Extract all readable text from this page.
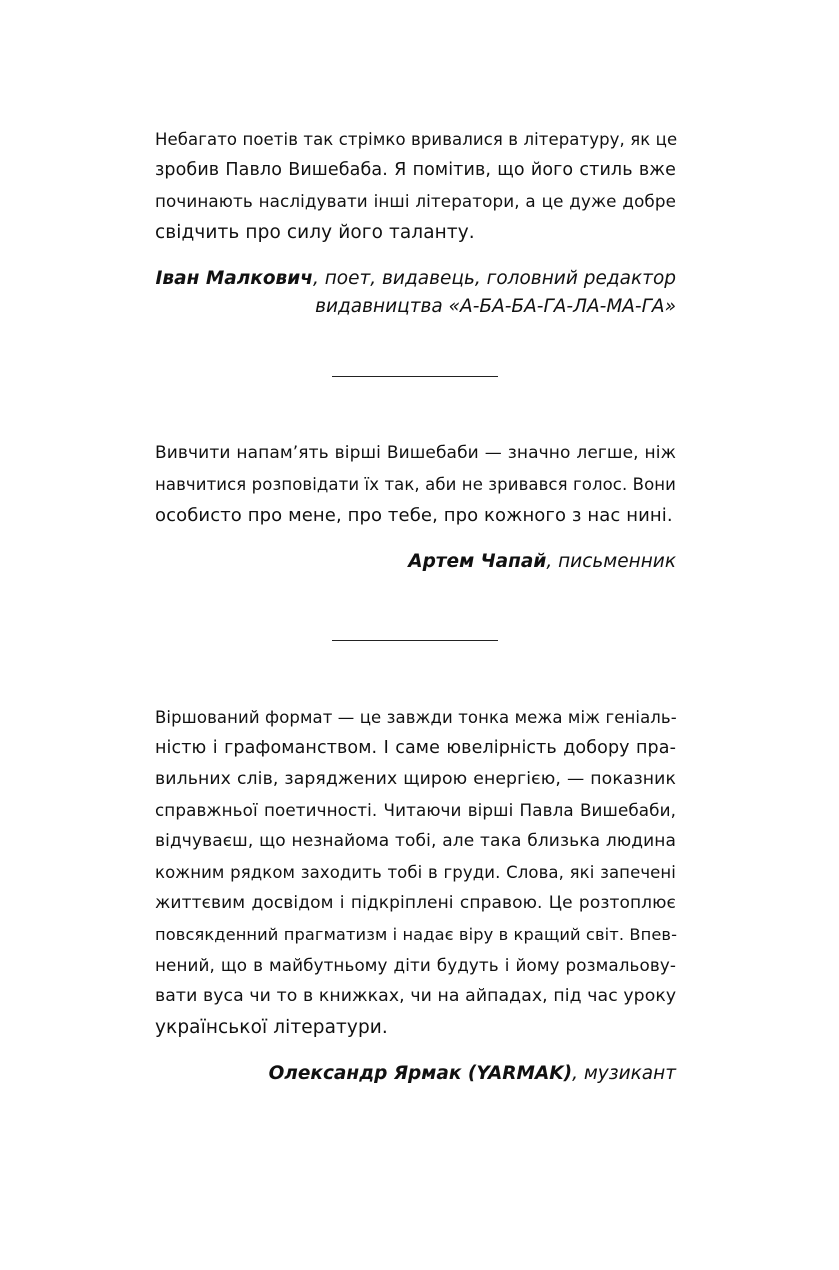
Небагато поетів так стрімко вривалися в літературу, як це
зробив Павло Вишебаба. Я помітив, що його стиль вже
починають наслідувати інші літератори, а це дуже добре
свідчить про силу його таланту.

Іван Малкович, поет, видавець, головний редактор
видавництва «А-БА-БА-ГА-ЛА-МА-ГА»

Вивчити напам’ять вірші Вишебаби — значно легше, ніж
навчитися розповідати їх так, аби не зривався голос. Вони
особисто про мене, про тебе, про кожного з нас нині.

Артем Чапай, письменник

Віршований формат — це завжди тонка межа між геніаль-
ністю і графоманством. І саме ювелірність добору пра-
вильних слів, заряджених щирою енергією, — показник
справжньої поетичності. Читаючи вірші Павла Вишебаби,
відчуваєш, що незнайома тобі, але така близька людина
кожним рядком заходить тобі в груди. Слова, які запечені
життєвим досвідом і підкріплені справою. Це розтоплює
повсякденний прагматизм і надає віру в кращий світ. Впев-
нений, що в майбутньому діти будуть і йому розмальову-
вати вуса чи то в книжках, чи на айпадах, під час уроку
української літератури.

Олександр Ярмак (YARMAK), музикант
